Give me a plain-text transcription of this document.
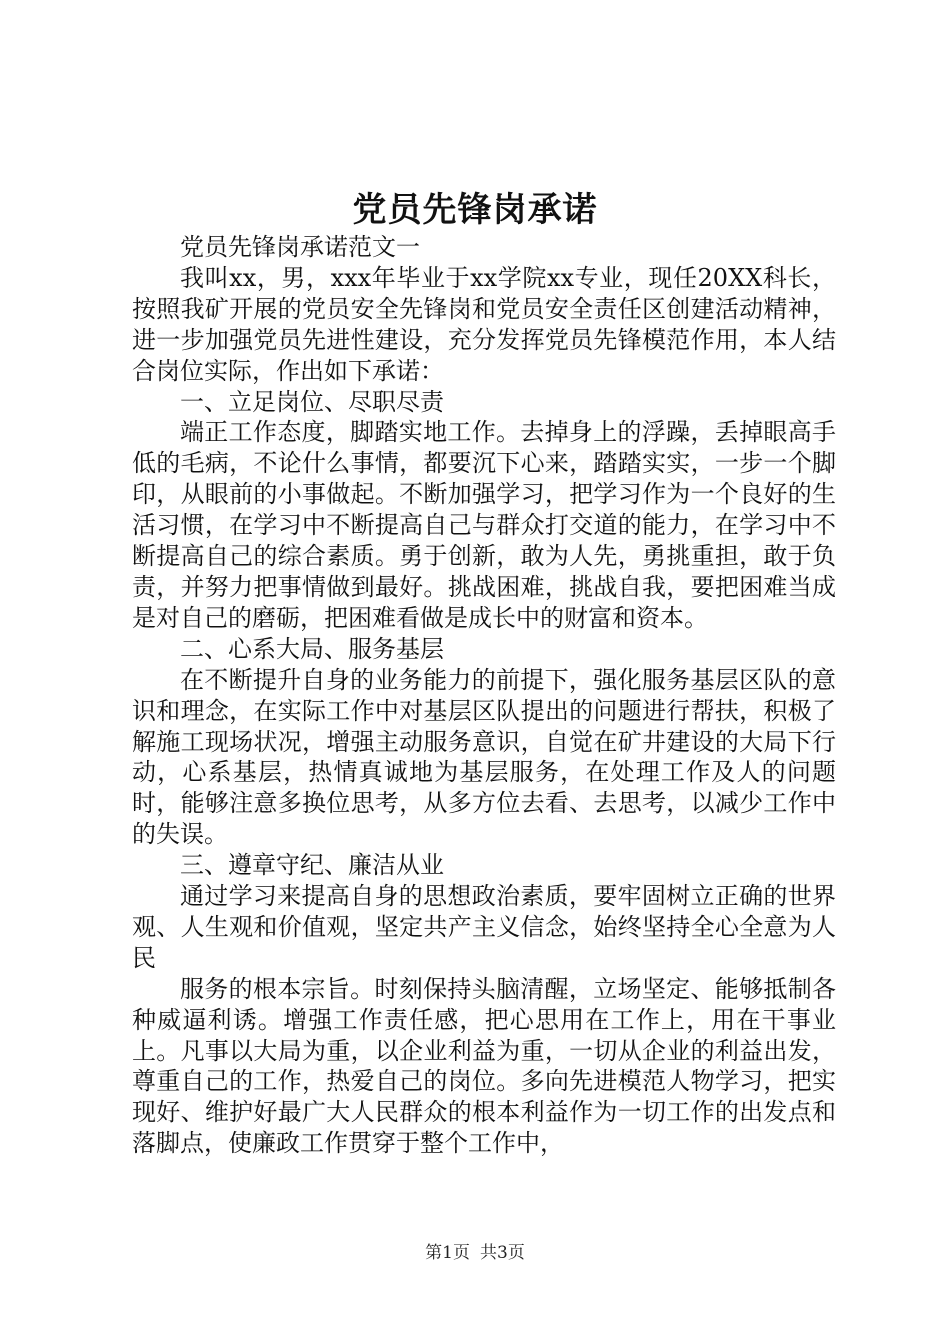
党员先锋岗承诺

党员先锋岗承诺范文一

我叫xx，男，xxx年毕业于xx学院xx专业，现任20XX科长，按照我矿开展的党员安全先锋岗和党员安全责任区创建活动精神，进一步加强党员先进性建设，充分发挥党员先锋模范作用，本人结合岗位实际，作出如下承诺：

一、立足岗位、尽职尽责

端正工作态度，脚踏实地工作。去掉身上的浮躁，丢掉眼高手低的毛病，不论什么事情，都要沉下心来，踏踏实实，一步一个脚印，从眼前的小事做起。不断加强学习，把学习作为一个良好的生活习惯，在学习中不断提高自己与群众打交道的能力，在学习中不断提高自己的综合素质。勇于创新，敢为人先，勇挑重担，敢于负责，并努力把事情做到最好。挑战困难，挑战自我，要把困难当成是对自己的磨砺，把困难看做是成长中的财富和资本。

二、心系大局、服务基层

在不断提升自身的业务能力的前提下，强化服务基层区队的意识和理念，在实际工作中对基层区队提出的问题进行帮扶，积极了解施工现场状况，增强主动服务意识，自觉在矿井建设的大局下行动，心系基层，热情真诚地为基层服务，在处理工作及人的问题时，能够注意多换位思考，从多方位去看、去思考，以减少工作中的失误。

三、遵章守纪、廉洁从业

通过学习来提高自身的思想政治素质，要牢固树立正确的世界观、人生观和价值观，坚定共产主义信念，始终坚持全心全意为人民

服务的根本宗旨。时刻保持头脑清醒，立场坚定、能够抵制各种威逼利诱。增强工作责任感，把心思用在工作上，用在干事业上。凡事以大局为重，以企业利益为重，一切从企业的利益出发，尊重自己的工作，热爱自己的岗位。多向先进模范人物学习，把实现好、维护好最广大人民群众的根本利益作为一切工作的出发点和落脚点，使廉政工作贯穿于整个工作中，

第1页 共3页
